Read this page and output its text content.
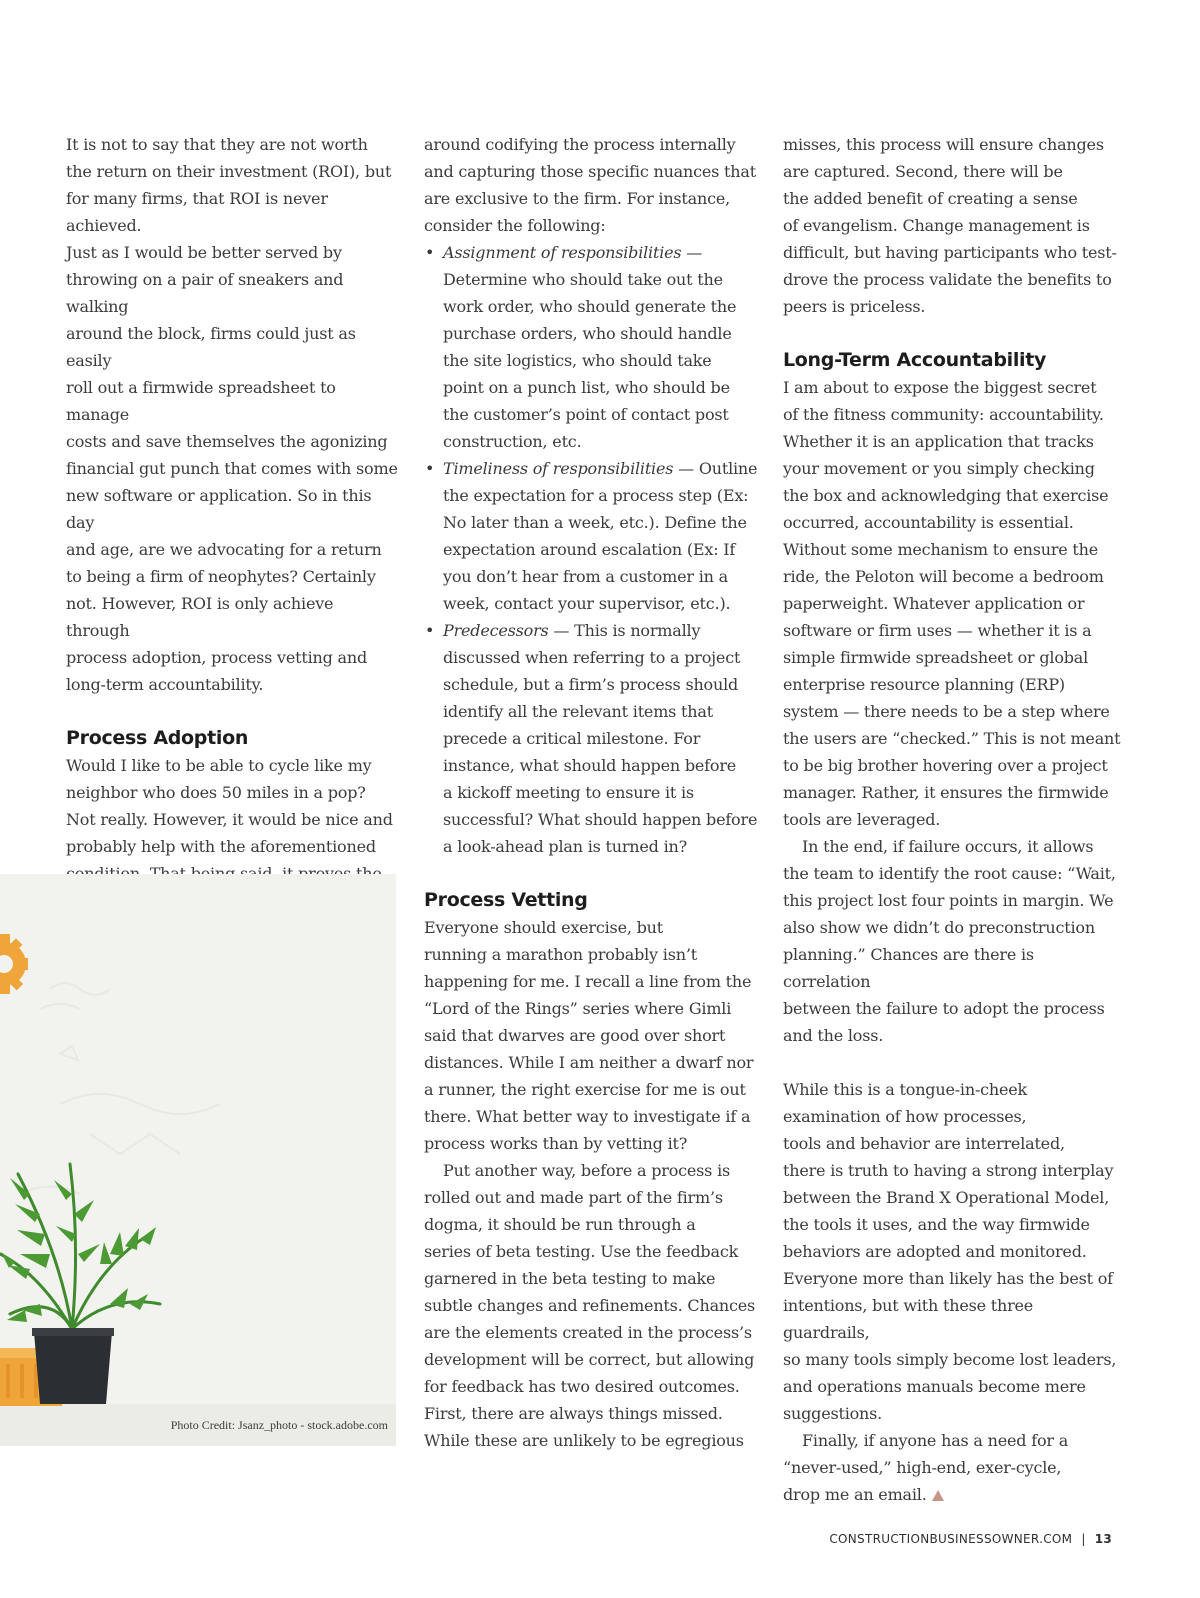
It is not to say that they are not worth
the return on their investment (ROI), but
for many firms, that ROI is never achieved.
Just as I would be better served by
throwing on a pair of sneakers and walking
around the block, firms could just as easily
roll out a firmwide spreadsheet to manage
costs and save themselves the agonizing
financial gut punch that comes with some
new software or application. So in this day
and age, are we advocating for a return
to being a firm of neophytes? Certainly
not. However, ROI is only achieve through
process adoption, process vetting and
long-term accountability.

Process Adoption

Would I like to be able to cycle like my
neighbor who does 50 miles in a pop?
Not really. However, it would be nice and
probably help with the aforementioned

Photo Credit: Jsanz_photo - stock.adobe.com

around codifying the process internally
and capturing those specific nuances that
are exclusive to the firm. For instance,
consider the following:

• Assignment of responsibilities —
Determine who should take out the
work order, who should generate the
purchase orders, who should handle
the site logistics, who should take
point on a punch list, who should be
the customer’s point of contact post
construction, etc.

• Timeliness of responsibilities — Outline
the expectation for a process step (Ex:
No later than a week, etc.). Define the
expectation around escalation (Ex: If
you don’t hear from a customer in a
week, contact your supervisor, etc.).

• Predecessors — This is normally
discussed when referring to a project
schedule, but a firm’s process should
identify all the relevant items that
precede a critical milestone. For
instance, what should happen before
a kickoff meeting to ensure it is
successful? What should happen before
a look-ahead plan is turned in?

Process Vetting

Everyone should exercise, but
running a marathon probably isn’t
happening for me. I recall a line from the
“Lord of the Rings” series where Gimli
said that dwarves are good over short
distances. While I am neither a dwarf nor
a runner, the right exercise for me is out
there. What better way to investigate if a
process works than by vetting it?

Put another way, before a process is
rolled out and made part of the firm’s
dogma, it should be run through a
series of beta testing. Use the feedback
garnered in the beta testing to make
subtle changes and refinements. Chances
are the elements created in the process’s
development will be correct, but allowing
for feedback has two desired outcomes.
First, there are always things missed.
While these are unlikely to be egregious

misses, this process will ensure changes
are captured. Second, there will be
the added benefit of creating a sense
of evangelism. Change management is
difficult, but having participants who test-
drove the process validate the benefits to
peers is priceless.

Long-Term Accountability

I am about to expose the biggest secret
of the fitness community: accountability.
Whether it is an application that tracks
your movement or you simply checking
the box and acknowledging that exercise
occurred, accountability is essential.
Without some mechanism to ensure the
ride, the Peloton will become a bedroom
paperweight. Whatever application or
software or firm uses — whether it is a
simple firmwide spreadsheet or global
enterprise resource planning (ERP)
system — there needs to be a step where
the users are “checked.” This is not meant
to be big brother hovering over a project
manager. Rather, it ensures the firmwide
tools are leveraged.

In the end, if failure occurs, it allows
the team to identify the root cause: “Wait,
this project lost four points in margin. We
also show we didn’t do preconstruction
planning.” Chances are there is correlation
between the failure to adopt the process
and the loss.

While this is a tongue-in-cheek
examination of how processes,
tools and behavior are interrelated,
there is truth to having a strong interplay
between the Brand X Operational Model,
the tools it uses, and the way firmwide
behaviors are adopted and monitored.
Everyone more than likely has the best of
intentions, but with these three guardrails,
so many tools simply become lost leaders,
and operations manuals become mere
suggestions.

Finally, if anyone has a need for a
“never-used,” high-end, exer-cycle,
drop me an email.

CONSTRUCTIONBUSINESSOWNER.COM | 13
